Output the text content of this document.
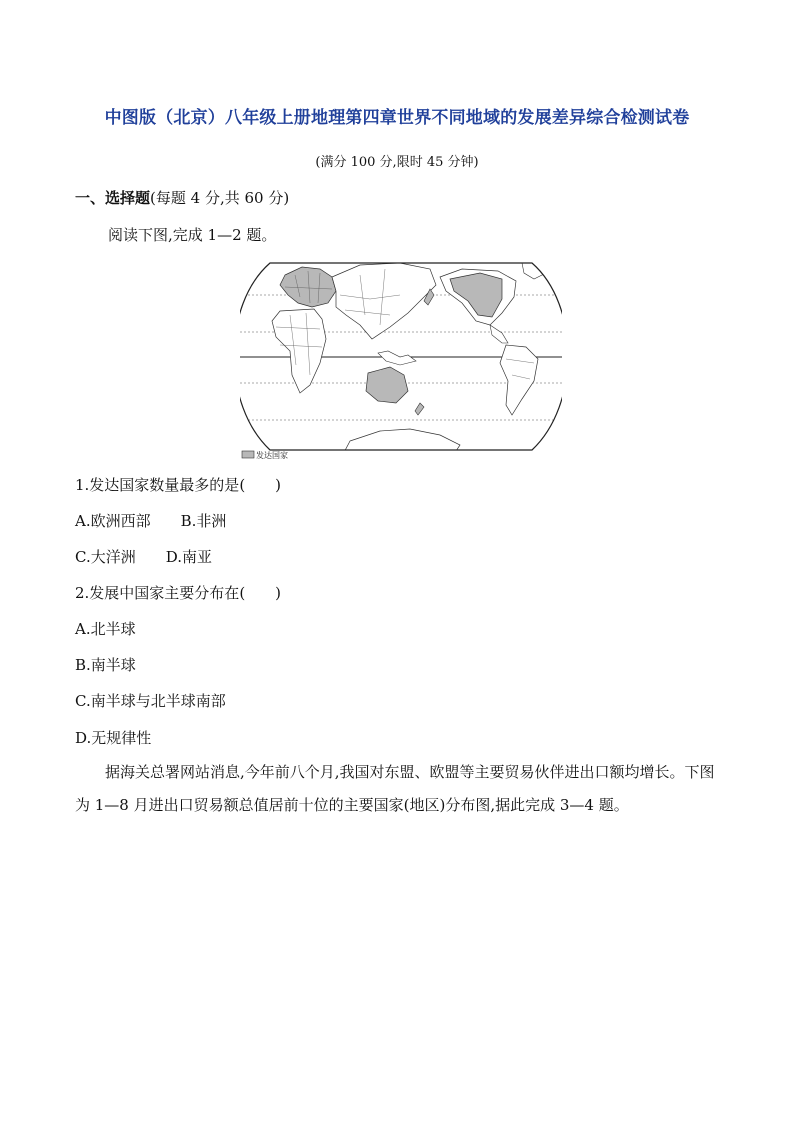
中图版（北京）八年级上册地理第四章世界不同地域的发展差异综合检测试卷
(满分 100 分,限时 45 分钟)
一、选择题(每题 4 分,共 60 分)
阅读下图,完成 1—2 题。
发达国家
1.发达国家数量最多的是(　　)
A.欧洲西部　　B.非洲
C.大洋洲　　D.南亚
2.发展中国家主要分布在(　　)
A.北半球
B.南半球
C.南半球与北半球南部
D.无规律性
据海关总署网站消息,今年前八个月,我国对东盟、欧盟等主要贸易伙伴进出口额均增长。下图为 1—8 月进出口贸易额总值居前十位的主要国家(地区)分布图,据此完成 3—4 题。
